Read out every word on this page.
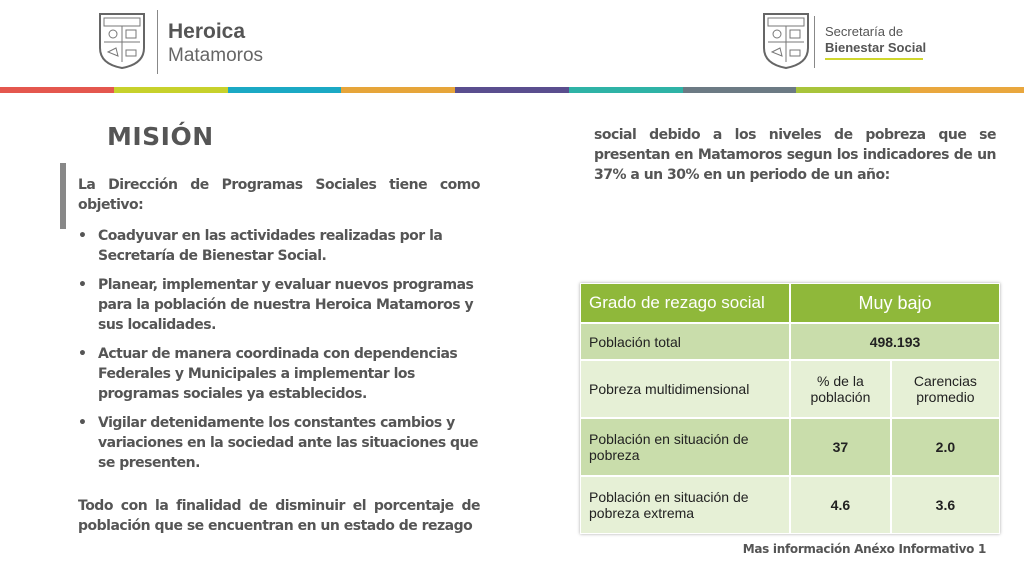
Heroica
Matamoros
Secretaría de
Bienestar Social
MISIÓN
La Dirección de Programas Sociales tiene como objetivo:
• Coadyuvar en las actividades realizadas por la Secretaría de Bienestar Social.
• Planear, implementar y evaluar nuevos programas para la población de nuestra Heroica Matamoros y sus localidades.
• Actuar de manera coordinada con dependencias Federales y Municipales a implementar los programas sociales ya establecidos.
• Vigilar detenidamente los constantes cambios y variaciones en la sociedad ante las situaciones que se presenten.
Todo con la finalidad de disminuir el porcentaje de población que se encuentran en un estado de rezago
social debido a los niveles de pobreza que se presentan en Matamoros segun los indicadores de un 37% a un 30% en un periodo de un año:
Grado de rezago social	Muy bajo	
Población total	498.193	
Pobreza multidimensional	% de la población	Carencias promedio
Población en situación de pobreza	37	2.0
Población en situación de pobreza extrema	4.6	3.6
Mas información Anéxo Informativo 1
